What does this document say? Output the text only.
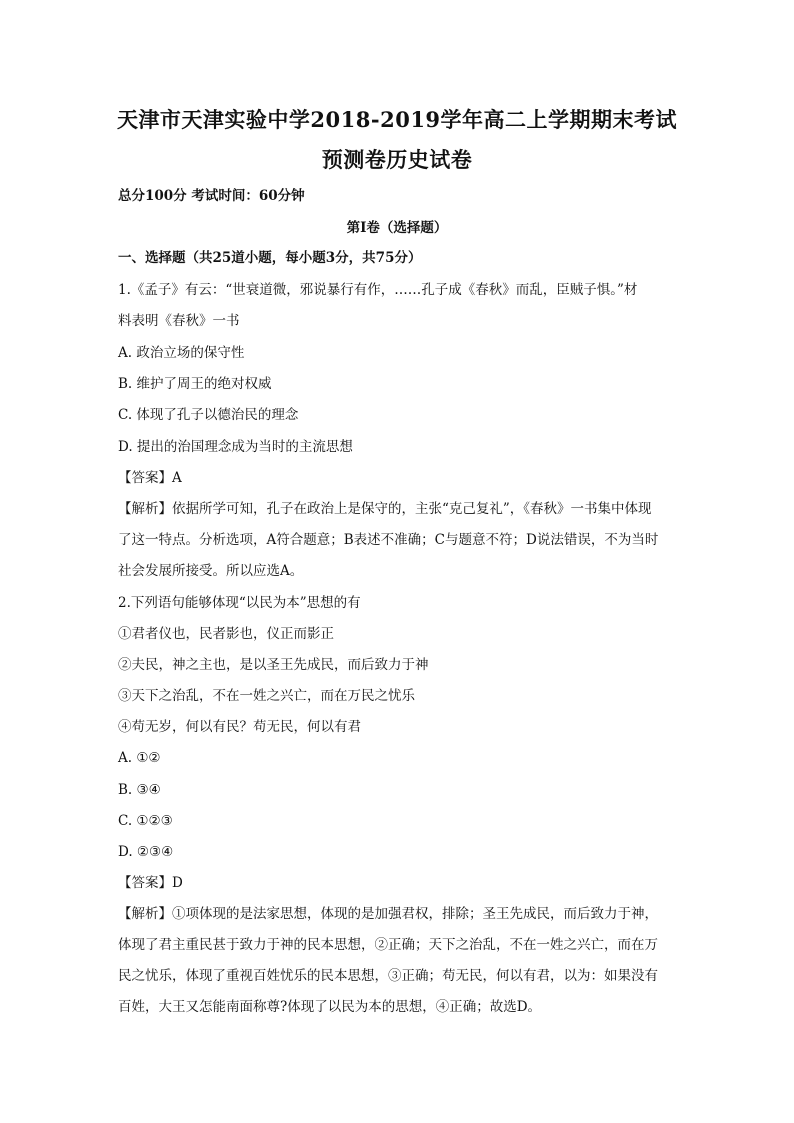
天津市天津实验中学2018-2019学年高二上学期期末考试
预测卷历史试卷
总分100分 考试时间：60分钟
第Ⅰ卷（选择题）
一、选择题（共25道小题，每小题3分，共75分）
1.《孟子》有云：“世衰道微，邪说暴行有作，……孔子成《春秋》而乱，臣贼子惧。”材
料表明《春秋》一书
A. 政治立场的保守性
B. 维护了周王的绝对权威
C. 体现了孔子以德治民的理念
D. 提出的治国理念成为当时的主流思想
【答案】A
【解析】依据所学可知，孔子在政治上是保守的，主张“克己复礼”，《春秋》一书集中体现
了这一特点。分析选项，A符合题意；B表述不准确；C与题意不符；D说法错误，不为当时
社会发展所接受。所以应选A。
2.下列语句能够体现“以民为本”思想的有
①君者仪也，民者影也，仪正而影正
②夫民，神之主也，是以圣王先成民，而后致力于神
③天下之治乱，不在一姓之兴亡，而在万民之忧乐
④苟无岁，何以有民？苟无民，何以有君
A. ①②
B. ③④
C. ①②③
D. ②③④
【答案】D
【解析】①项体现的是法家思想，体现的是加强君权，排除；圣王先成民，而后致力于神，
体现了君主重民甚于致力于神的民本思想，②正确；天下之治乱，不在一姓之兴亡，而在万
民之忧乐，体现了重视百姓忧乐的民本思想，③正确；苟无民，何以有君，以为：如果没有
百姓，大王又怎能南面称尊?体现了以民为本的思想，④正确；故选D。
